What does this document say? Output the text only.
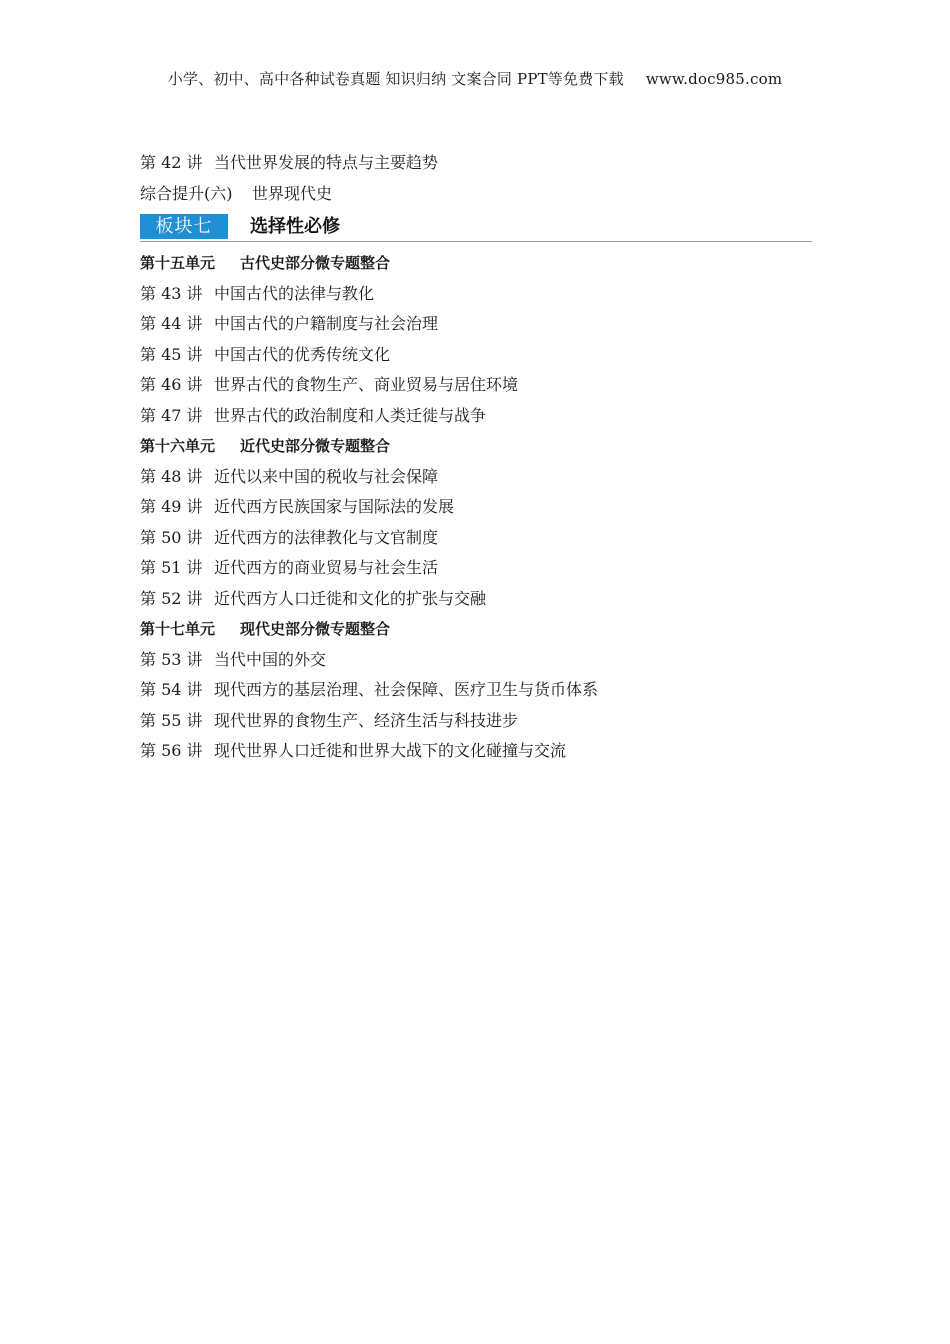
小学、初中、高中各种试卷真题 知识归纳 文案合同 PPT等免费下载 www.doc985.com
第 42 讲 当代世界发展的特点与主要趋势
综合提升(六) 世界现代史
板块七	选择性必修
第十五单元 古代史部分微专题整合
第 43 讲 中国古代的法律与教化
第 44 讲 中国古代的户籍制度与社会治理
第 45 讲 中国古代的优秀传统文化
第 46 讲 世界古代的食物生产、商业贸易与居住环境
第 47 讲 世界古代的政治制度和人类迁徙与战争
第十六单元 近代史部分微专题整合
第 48 讲 近代以来中国的税收与社会保障
第 49 讲 近代西方民族国家与国际法的发展
第 50 讲 近代西方的法律教化与文官制度
第 51 讲 近代西方的商业贸易与社会生活
第 52 讲 近代西方人口迁徙和文化的扩张与交融
第十七单元 现代史部分微专题整合
第 53 讲 当代中国的外交
第 54 讲 现代西方的基层治理、社会保障、医疗卫生与货币体系
第 55 讲 现代世界的食物生产、经济生活与科技进步
第 56 讲 现代世界人口迁徙和世界大战下的文化碰撞与交流
